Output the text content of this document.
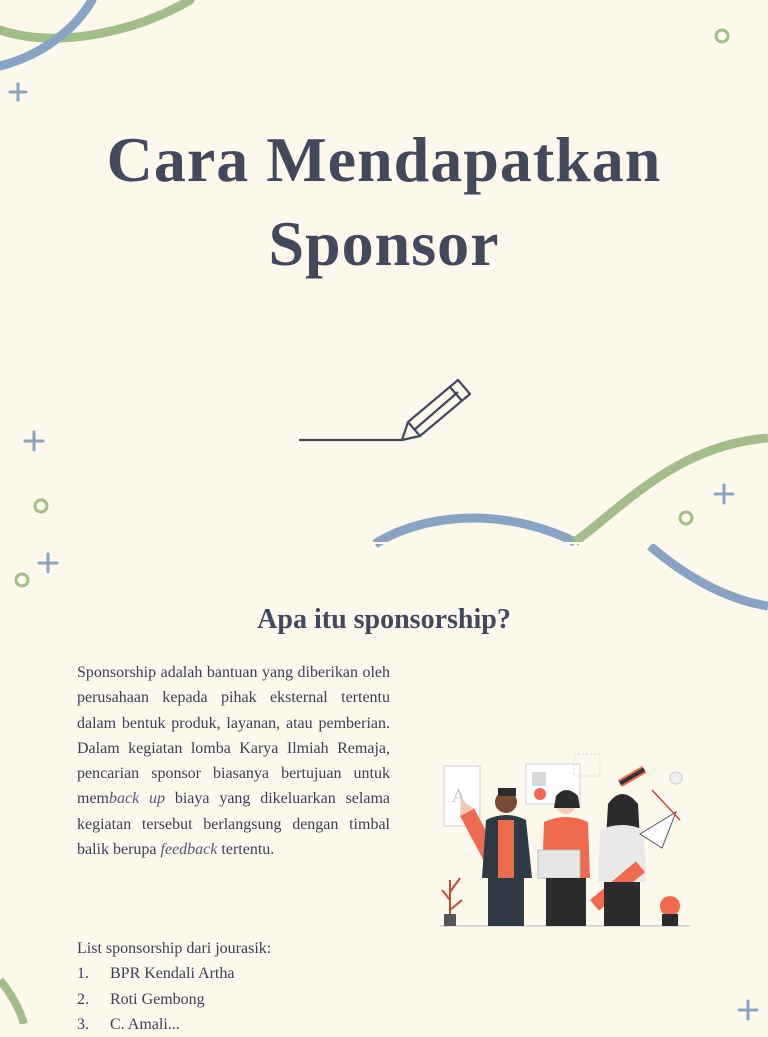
Cara Mendapatkan
Sponsor
Apa itu sponsorship?

Sponsorship adalah bantuan yang diberikan oleh perusahaan kepada pihak eksternal tertentu dalam bentuk produk, layanan, atau pemberian. Dalam kegiatan lomba Karya Ilmiah Remaja, pencarian sponsor biasanya bertujuan untuk memback up biaya yang dikeluarkan selama kegiatan tersebut berlangsung dengan timbal balik berupa feedback tertentu.

List sponsorship dari jourasik:

1.	BPR Kendali Artha
2.	Roti Gembong
3.	C. Amali...
A
